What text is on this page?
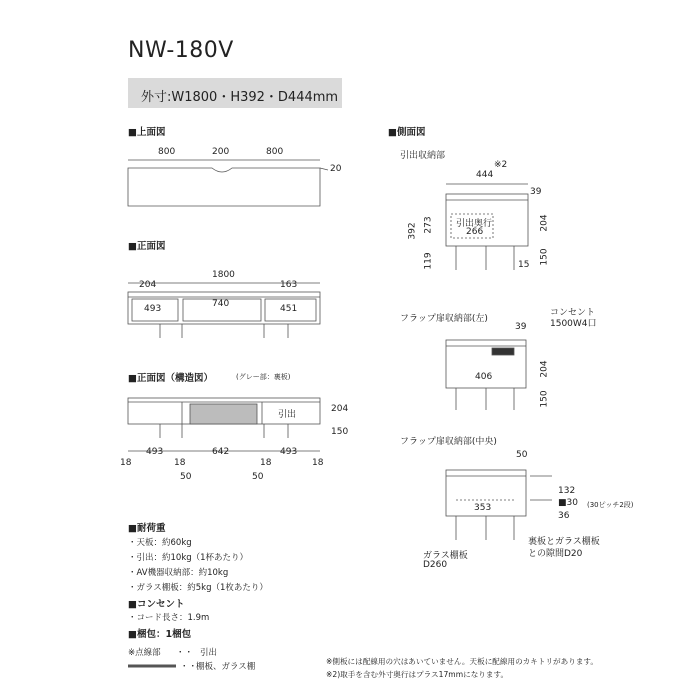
NW-180V
外寸:W1800・H392・D444mm
■上面図
■正面図
■正面図（構造図）	(グレー部：裏板)
■側面図
引出収納部
フラップ扉収納部(左)
フラップ扉収納部(中央)
800	200	800
20
1800
204	163
493	740	451
引出
204
150
18
493
18
642
18
493
18
50	50
※2
444
39
392 273
119
引出奥行
266
204
150
15
コンセント
1500W4口
39
406	204
150
50
353
132
■30 (30ピッチ2段)
36
ガラス棚板
D260
裏板とガラス棚板
との隙間D20
■耐荷重
・天板：約60kg
・引出：約10kg（1杯あたり）
・AV機器収納部：約10kg
・ガラス棚板：約5kg（1枚あたり）
■コンセント
・コード長さ：1.9m
■梱包：1梱包
※点線部 ・・ 引出
・・
棚板、ガラス棚
※側板には配線用の穴はあいていません。天板に配線用のカキトリがあります。
※2)取手を含む外寸奥行はプラス17mmになります。
